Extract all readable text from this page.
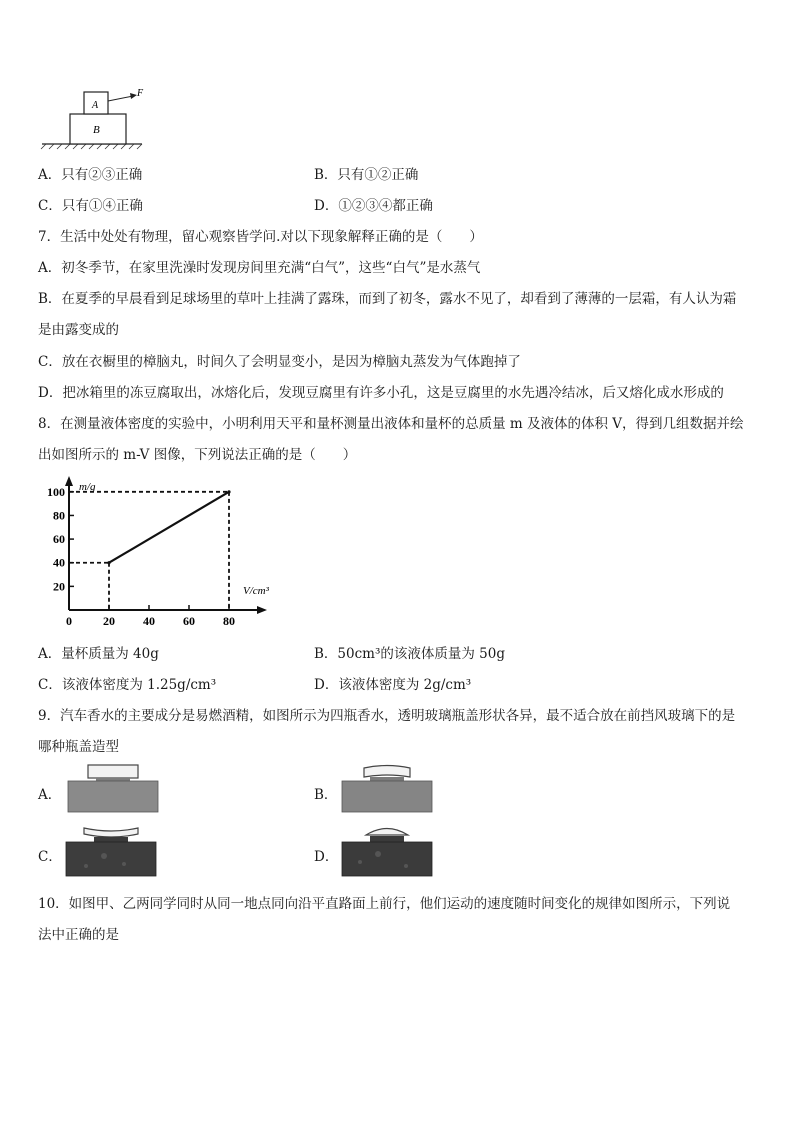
A
B
F
A．只有②③正确	B．只有①②正确
C．只有①④正确	D．①②③④都正确
7．生活中处处有物理，留心观察皆学问.对以下现象解释正确的是（　　）
A．初冬季节，在家里洗澡时发现房间里充满“白气”，这些“白气”是水蒸气
B．在夏季的早晨看到足球场里的草叶上挂满了露珠，而到了初冬，露水不见了，却看到了薄薄的一层霜，有人认为霜
是由露变成的
C．放在衣橱里的樟脑丸，时间久了会明显变小，是因为樟脑丸蒸发为气体跑掉了
D．把冰箱里的冻豆腐取出，冰熔化后，发现豆腐里有许多小孔，这是豆腐里的水先遇冷结冰，后又熔化成水形成的
8．在测量液体密度的实验中，小明利用天平和量杯测量出液体和量杯的总质量 m 及液体的体积 V，得到几组数据并绘
出如图所示的 m-V 图像，下列说法正确的是（　　）
m/g
V/cm³
0	20 40 60 80
20
40
60
80
100
A．量杯质量为 40g	B．50cm³的该液体质量为 50g
C．该液体密度为 1.25g/cm³	D．该液体密度为 2g/cm³
9．汽车香水的主要成分是易燃酒精，如图所示为四瓶香水，透明玻璃瓶盖形状各异，最不适合放在前挡风玻璃下的是
哪种瓶盖造型
A．	B．
C．	D．
10．如图甲、乙两同学同时从同一地点同向沿平直路面上前行，他们运动的速度随时间变化的规律如图所示，下列说
法中正确的是
